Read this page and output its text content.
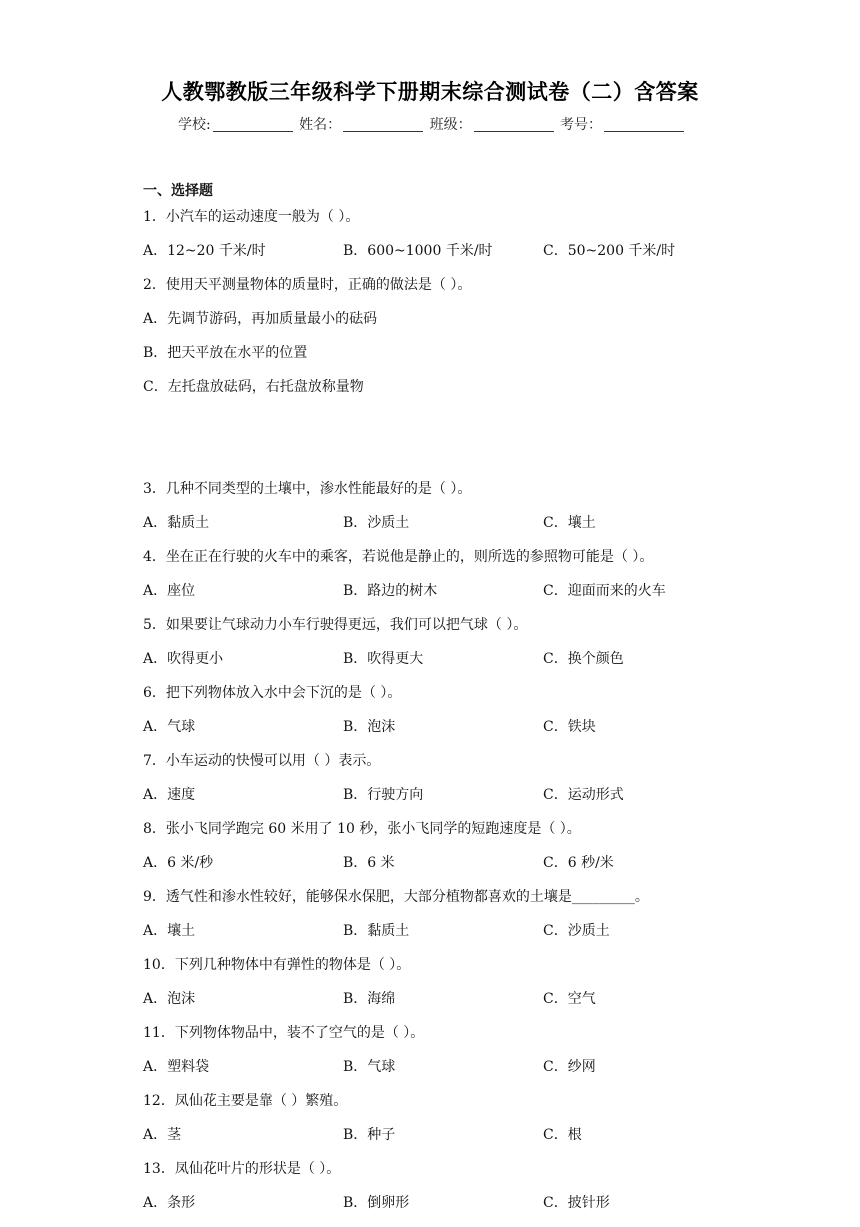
人教鄂教版三年级科学下册期末综合测试卷（二）含答案
学校:	姓名：	班级：	考号：
一、选择题
1．小汽车的运动速度一般为（ ）。
A．12~20 千米/时	B．600~1000 千米/时	C．50~200 千米/时
2．使用天平测量物体的质量时，正确的做法是（ ）。
A．先调节游码，再加质量最小的砝码
B．把天平放在水平的位置
C．左托盘放砝码，右托盘放称量物
3．几种不同类型的土壤中，渗水性能最好的是（ ）。
A．黏质土	B．沙质土	C．壤土
4．坐在正在行驶的火车中的乘客，若说他是静止的，则所选的参照物可能是（ ）。
A．座位	B．路边的树木	C．迎面而来的火车
5．如果要让气球动力小车行驶得更远，我们可以把气球（ ）。
A．吹得更小	B．吹得更大	C．换个颜色
6．把下列物体放入水中会下沉的是（ ）。
A．气球	B．泡沫	C．铁块
7．小车运动的快慢可以用（ ）表示。
A．速度	B．行驶方向	C．运动形式
8．张小飞同学跑完 60 米用了 10 秒，张小飞同学的短跑速度是（ ）。
A．6 米/秒	B．6 米	C．6 秒/米
9．透气性和渗水性较好，能够保水保肥，大部分植物都喜欢的土壤是_________。
A．壤土	B．黏质土	C．沙质土
10．下列几种物体中有弹性的物体是（ ）。
A．泡沫	B．海绵	C．空气
11．下列物体物品中，装不了空气的是（ ）。
A．塑料袋	B．气球	C．纱网
12．凤仙花主要是靠（ ）繁殖。
A．茎	B．种子	C．根
13．凤仙花叶片的形状是（ ）。
A．条形	B．倒卵形	C．披针形
